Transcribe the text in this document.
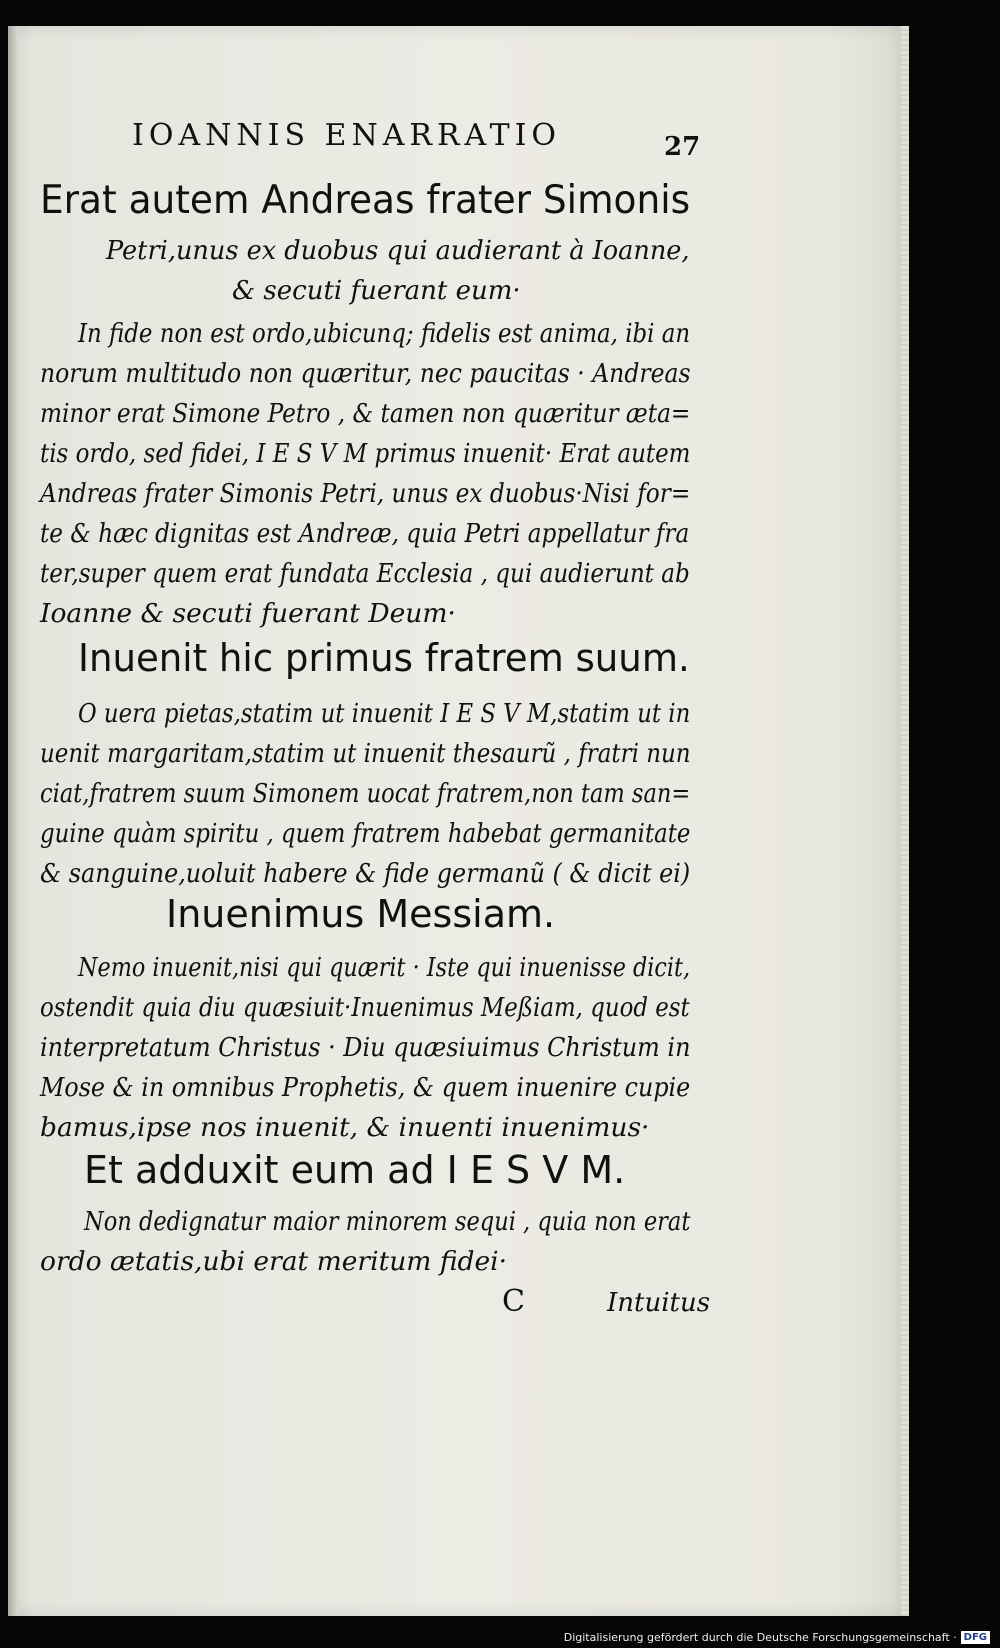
IOANNIS ENARRATIO	27
Erat autem Andreas frater Simonis
Petri,unus ex duobus qui audierant à Ioanne,
& secuti fuerant eum·
In fide non est ordo,ubicunq; fidelis est anima, ibi an
norum multitudo non quæritur, nec paucitas · Andreas
minor erat Simone Petro , & tamen non quæritur æta=
tis ordo, sed fidei, I E S V M primus inuenit· Erat autem
Andreas frater Simonis Petri, unus ex duobus·Nisi for=
te & hæc dignitas est Andreæ, quia Petri appellatur fra
ter,super quem erat fundata Ecclesia , qui audierunt ab
Ioanne & secuti fuerant Deum·
Inuenit hic primus fratrem suum.
O uera pietas,statim ut inuenit I E S V M,statim ut in
uenit margaritam,statim ut inuenit thesaurũ , fratri nun
ciat,fratrem suum Simonem uocat fratrem,non tam san=
guine quàm spiritu , quem fratrem habebat germanitate
& sanguine,uoluit habere & fide germanũ ( & dicit ei)
Inuenimus Messiam.
Nemo inuenit,nisi qui quærit · Iste qui inuenisse dicit,
ostendit quia diu quæsiuit·Inuenimus Meßiam, quod est
interpretatum Christus · Diu quæsiuimus Christum in
Mose & in omnibus Prophetis, & quem inuenire cupie
bamus,ipse nos inuenit, & inuenti inuenimus·
Et adduxit eum ad I E S V M.
Non dedignatur maior minorem sequi , quia non erat
ordo ætatis,ubi erat meritum fidei·
C	Intuitus
Digitalisierung gefördert durch die Deutsche Forschungsgemeinschaft · DFG
